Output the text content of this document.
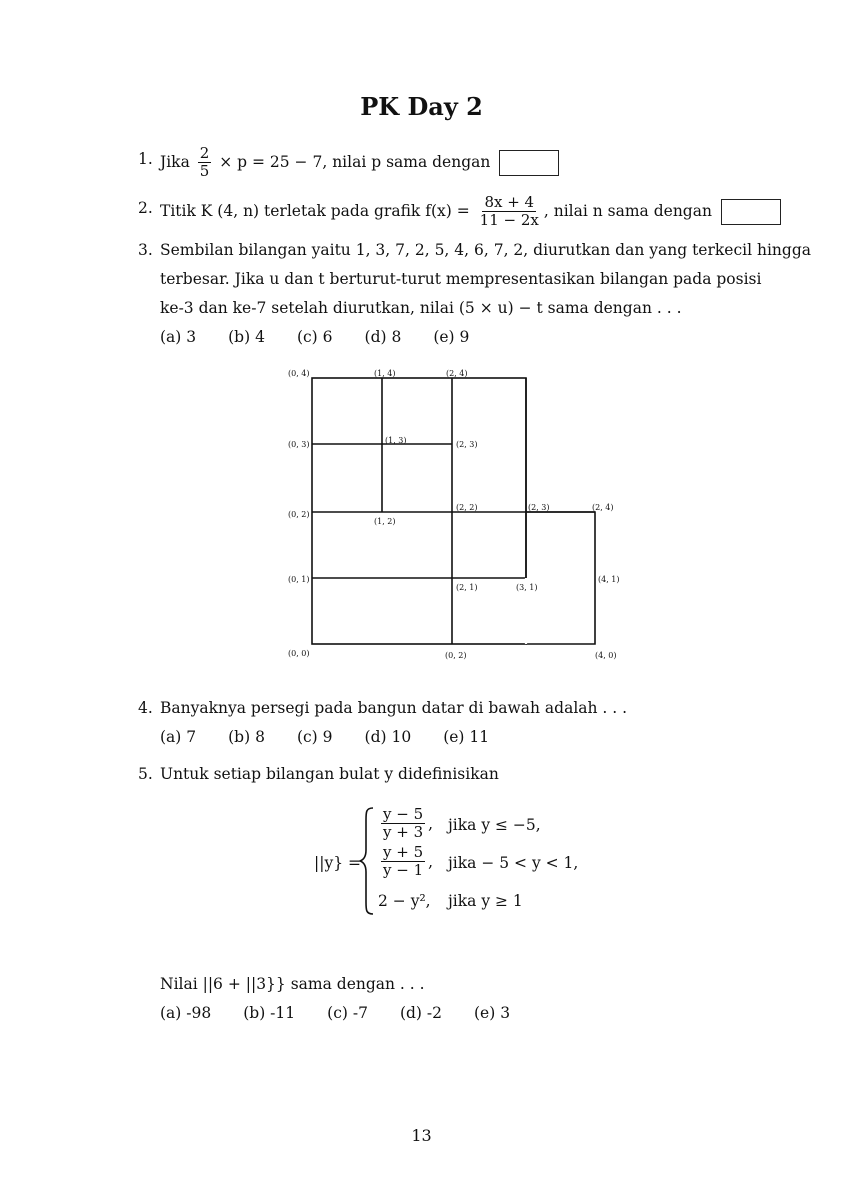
PK Day 2
1. Jika $\frac{2}{5} \times p = 25 - 7$, nilai p sama dengan
2. Titik K (4, n) terletak pada grafik $f(x) = \frac{8x + 4}{11 - 2x}$ , nilai n sama dengan
3. Sembilan bilangan yaitu 1, 3, 7, 2, 5, 4, 6, 7, 2, diurutkan dan yang terkecil hingga
terbesar. Jika u dan t berturut-turut mempresentasikan bilangan pada posisi
ke-3 dan ke-7 setelah diurutkan, nilai (5 × u) − t sama dengan . . .
(a) 3 (b) 4 (c) 6 (d) 8 (e) 9
(0, 4)	(1, 4)	(2, 4)
(0, 3)	(1, 3)	(2, 3)
(0, 2)
(2, 2)	(2, 3)	(2, 4)
(1, 2)
(0, 1)
(2, 1)	(3, 1)
(4, 1)
(0, 0)	(0, 2)	(4, 0)
4. Banyaknya persegi pada bangun datar di bawah adalah . . .
(a) 7 (b) 8 (c) 9 (d) 10 (e) 11
5. Untuk setiap bilangan bulat y didefinisikan
||y} =
$\frac{y - 5}{y + 3}$ , jika y ≤ −5,
$\frac{y + 5}{y - 1}$ , jika − 5 < y < 1,
2 − y², jika y ≥ 1
Nilai ||6 + ||3}} sama dengan . . .
(a) -98 (b) -11 (c) -7 (d) -2 (e) 3
13
